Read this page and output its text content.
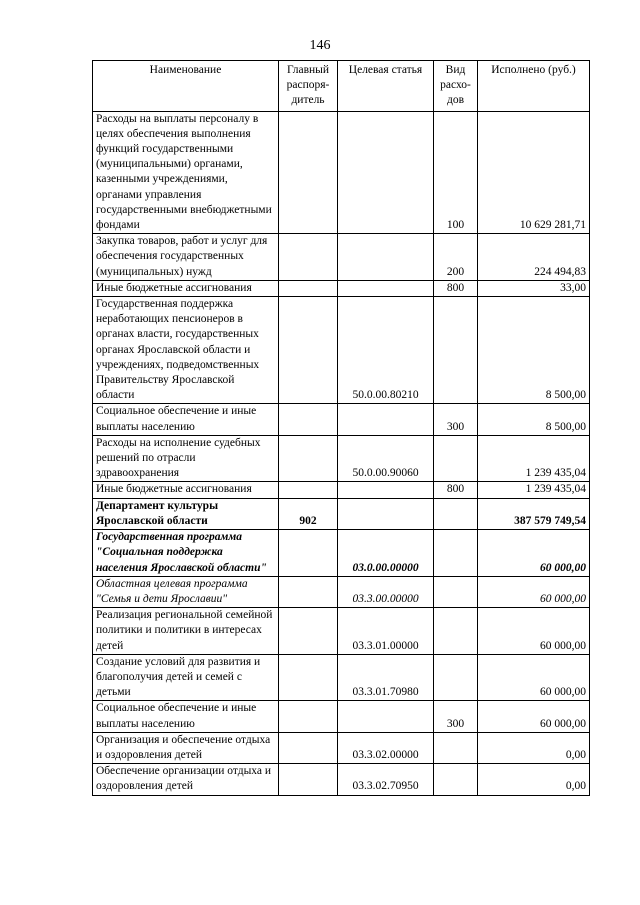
146
Наименование	Главный распоря-дитель	Целевая статья	Вид расхо-дов	Исполнено (руб.)
Расходы на выплаты персоналу в целях обеспечения выполнения функций государственными (муниципальными) органами, казенными учреждениями, органами управления государственными внебюджетными фондами			100	10 629 281,71
Закупка товаров, работ и услуг для обеспечения государственных (муниципальных) нужд			200	224 494,83
Иные бюджетные ассигнования			800	33,00
Государственная поддержка неработающих пенсионеров в органах власти, государственных органах Ярославской области и учреждениях, подведомственных Правительству Ярославской области		50.0.00.80210		8 500,00
Социальное обеспечение и иные выплаты населению			300	8 500,00
Расходы на исполнение судебных решений по отрасли здравоохранения		50.0.00.90060		1 239 435,04
Иные бюджетные ассигнования			800	1 239 435,04
Департамент культуры Ярославской области	902			387 579 749,54
Государственная программа "Социальная поддержка населения Ярославской области"		03.0.00.00000		60 000,00
Областная целевая программа "Семья и дети Ярославии"		03.3.00.00000		60 000,00
Реализация региональной семейной политики и политики в интересах детей		03.3.01.00000		60 000,00
Создание условий для развития и благополучия детей и семей с детьми		03.3.01.70980		60 000,00
Социальное обеспечение и иные выплаты населению			300	60 000,00
Организация и обеспечение отдыха и оздоровления детей		03.3.02.00000		0,00
Обеспечение организации отдыха и оздоровления детей		03.3.02.70950		0,00
